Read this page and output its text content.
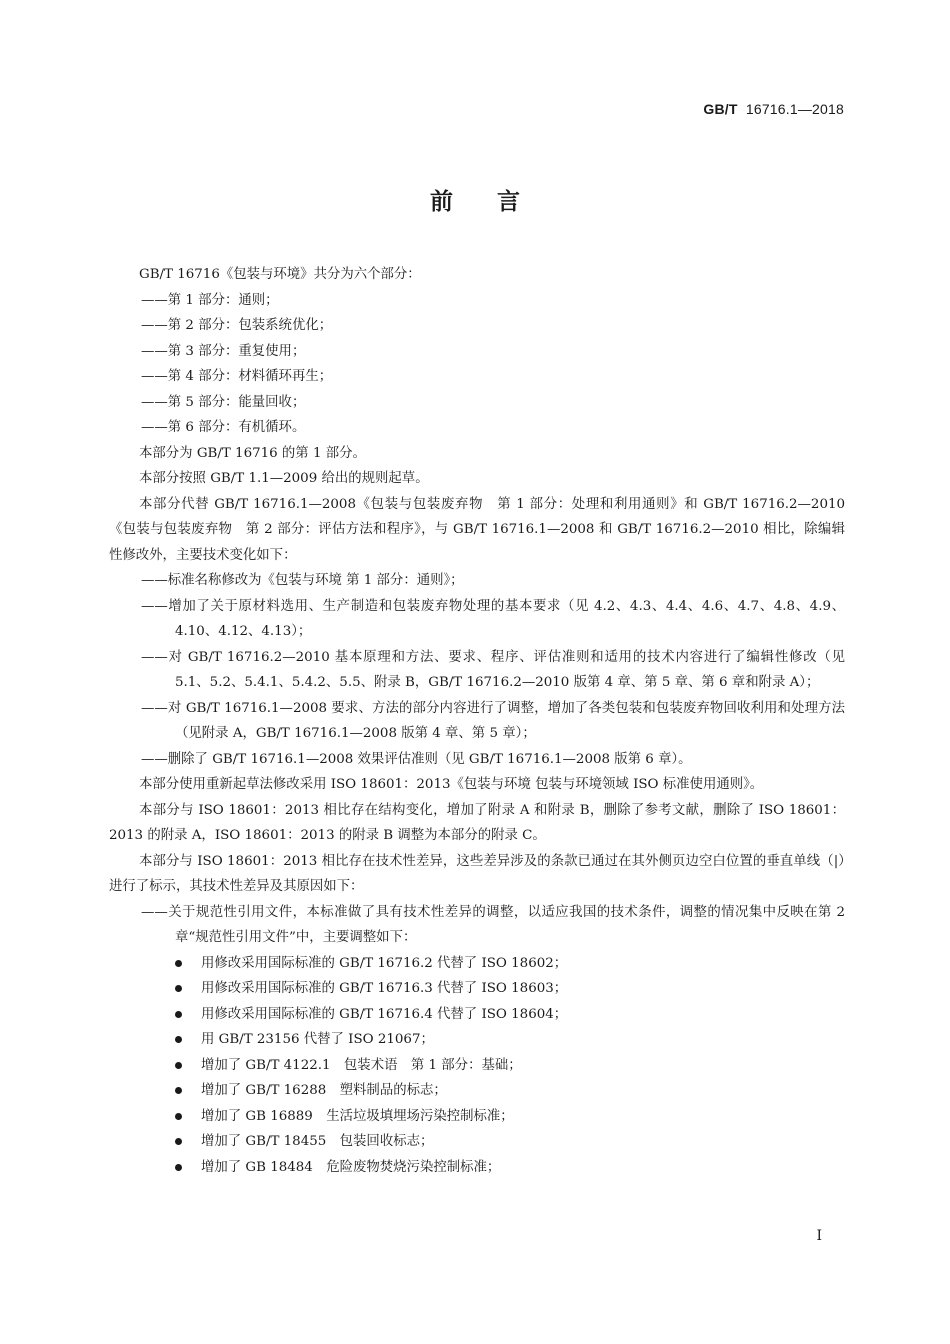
GB/T 16716.1—2018
前言

GB/T 16716《包装与环境》共分为六个部分：

—— 第 1 部分：通则；

—— 第 2 部分：包装系统优化；

—— 第 3 部分：重复使用；

—— 第 4 部分：材料循环再生；

—— 第 5 部分：能量回收；

—— 第 6 部分：有机循环。

本部分为 GB/T 16716 的第 1 部分。

本部分按照 GB/T 1.1—2009 给出的规则起草。

本部分代替 GB/T 16716.1—2008《包装与包装废弃物　第 1 部分：处理和利用通则》和 GB/T 16716.2—2010《包装与包装废弃物　第 2 部分：评估方法和程序》，与 GB/T 16716.1—2008 和 GB/T 16716.2—2010 相比，除编辑性修改外，主要技术变化如下：

—— 标准名称修改为《包装与环境 第 1 部分：通则》；

—— 增加了关于原材料选用、生产制造和包装废弃物处理的基本要求（见 4.2、4.3、4.4、4.6、4.7、4.8、4.9、4.10、4.12、4.13）；

—— 对 GB/T 16716.2—2010 基本原理和方法、要求、程序、评估准则和适用的技术内容进行了编辑性修改（见 5.1、5.2、5.4.1、5.4.2、5.5、附录 B，GB/T 16716.2—2010 版第 4 章、第 5 章、第 6 章和附录 A）；

—— 对 GB/T 16716.1—2008 要求、方法的部分内容进行了调整，增加了各类包装和包装废弃物回收利用和处理方法（见附录 A，GB/T 16716.1—2008 版第 4 章、第 5 章）；

—— 删除了 GB/T 16716.1—2008 效果评估准则（见 GB/T 16716.1—2008 版第 6 章）。

本部分使用重新起草法修改采用 ISO 18601：2013《包装与环境 包装与环境领域 ISO 标准使用通则》。

本部分与 ISO 18601：2013 相比存在结构变化，增加了附录 A 和附录 B，删除了参考文献，删除了 ISO 18601：2013 的附录 A，ISO 18601：2013 的附录 B 调整为本部分的附录 C。

本部分与 ISO 18601：2013 相比存在技术性差异，这些差异涉及的条款已通过在其外侧页边空白位置的垂直单线（|）进行了标示，其技术性差异及其原因如下：

—— 关于规范性引用文件，本标准做了具有技术性差异的调整，以适应我国的技术条件，调整的情况集中反映在第 2 章“规范性引用文件”中，主要调整如下：

用修改采用国际标准的 GB/T 16716.2 代替了 ISO 18602；

用修改采用国际标准的 GB/T 16716.3 代替了 ISO 18603；

用修改采用国际标准的 GB/T 16716.4 代替了 ISO 18604；

用 GB/T 23156 代替了 ISO 21067；

增加了 GB/T 4122.1　包装术语　第 1 部分：基础；

增加了 GB/T 16288　塑料制品的标志；

增加了 GB 16889　生活垃圾填埋场污染控制标准；

增加了 GB/T 18455　包装回收标志；

增加了 GB 18484　危险废物焚烧污染控制标准；

I
